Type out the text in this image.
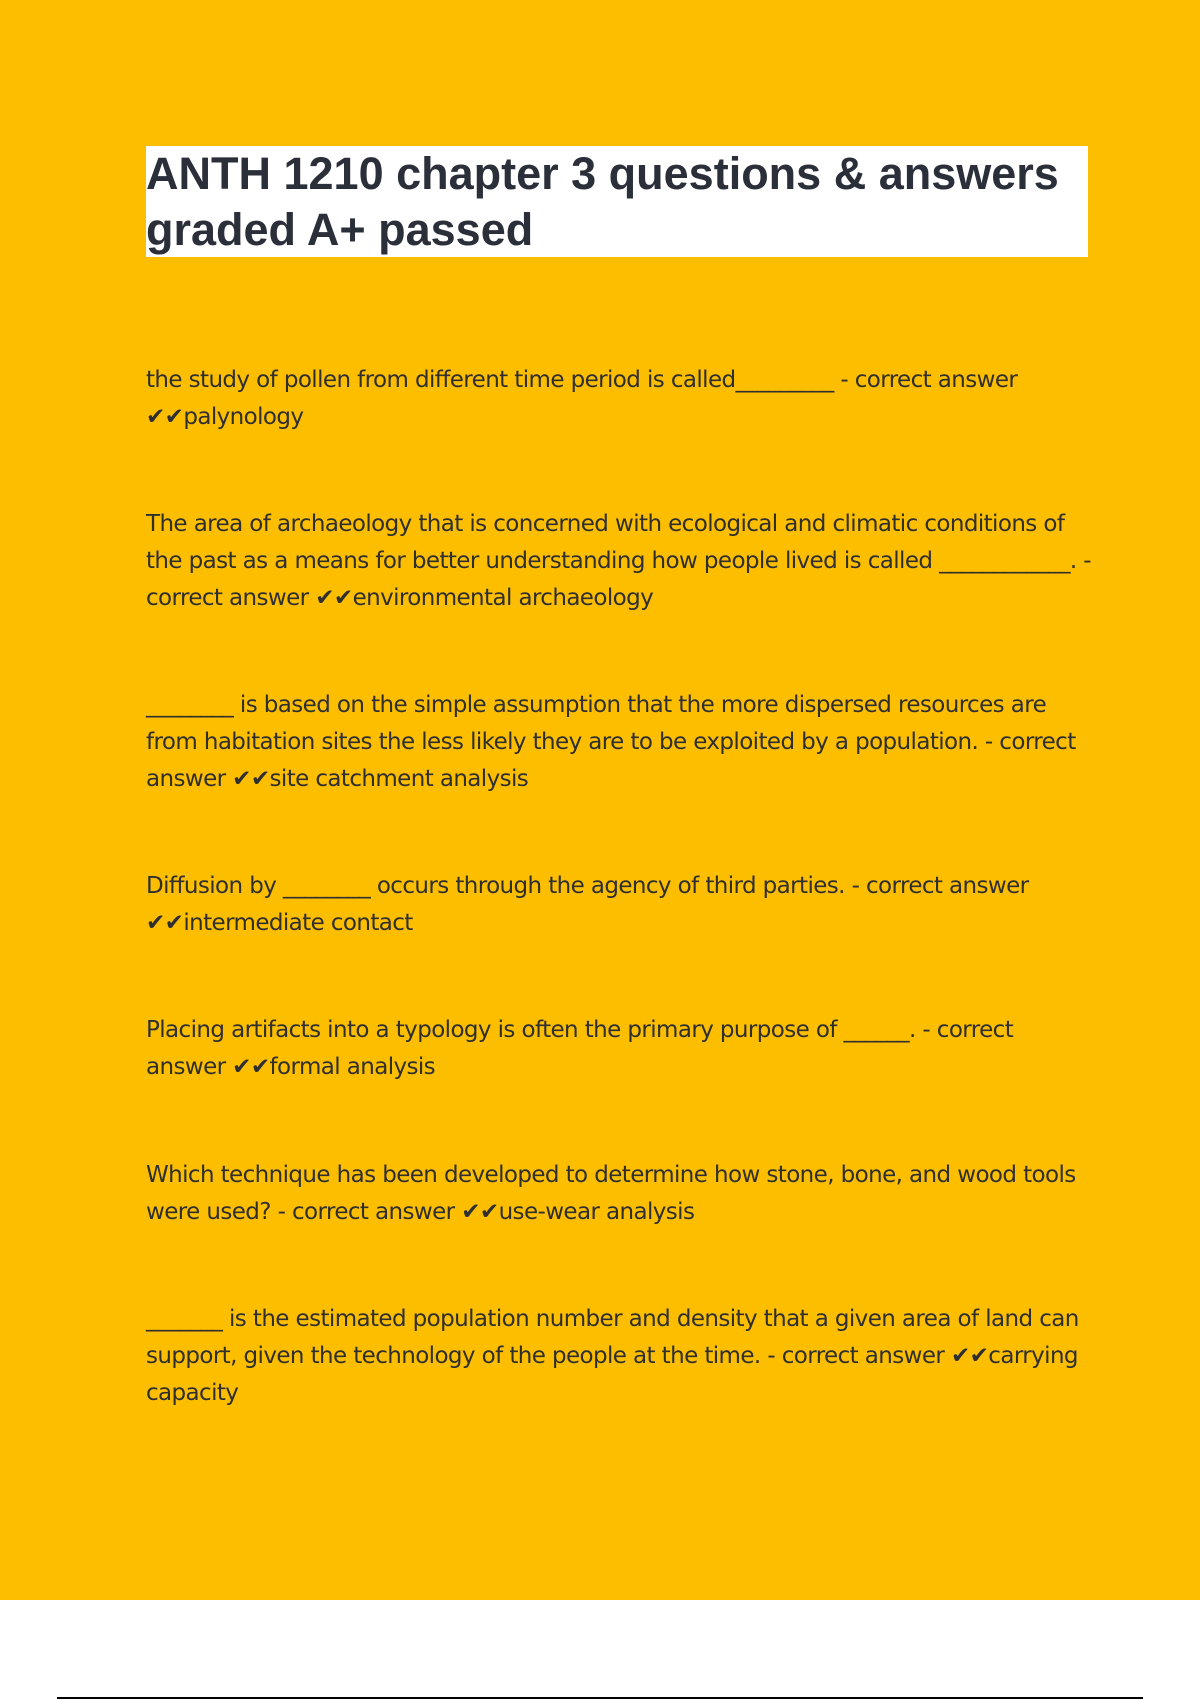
ANTH 1210 chapter 3 questions & answers graded A+ passed

the study of pollen from different time period is called_________ - correct answer ✔✔palynology

The area of archaeology that is concerned with ecological and climatic conditions of the past as a means for better understanding how people lived is called ____________. - correct answer ✔✔environmental archaeology

________ is based on the simple assumption that the more dispersed resources are from habitation sites the less likely they are to be exploited by a population. - correct answer ✔✔site catchment analysis

Diffusion by ________ occurs through the agency of third parties. - correct answer ✔✔intermediate contact

Placing artifacts into a typology is often the primary purpose of ______. - correct answer ✔✔formal analysis

Which technique has been developed to determine how stone, bone, and wood tools were used? - correct answer ✔✔use-wear analysis

_______ is the estimated population number and density that a given area of land can support, given the technology of the people at the time. - correct answer ✔✔carrying capacity
